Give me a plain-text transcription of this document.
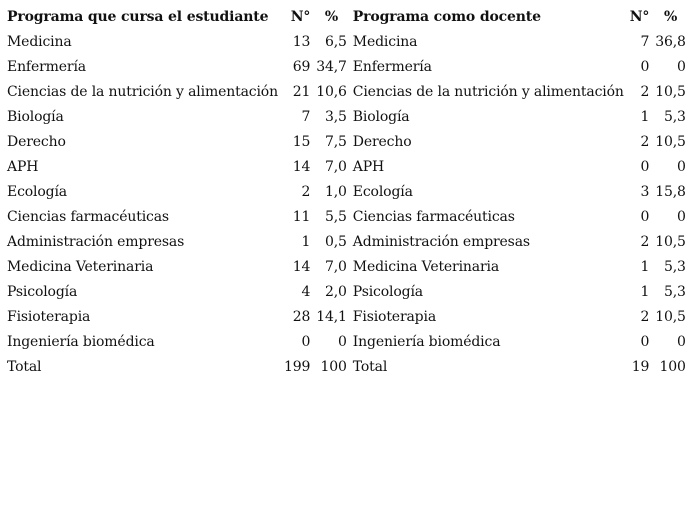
Programa que cursa el estudiante	N°	%	Programa como docente	N°	%
Medicina	13	6,5	Medicina	7	36,8
Enfermería	69	34,7	Enfermería	0	0
Ciencias de la nutrición y alimentación	21	10,6	Ciencias de la nutrición y alimentación	2	10,5
Biología	7	3,5	Biología	1	5,3
Derecho	15	7,5	Derecho	2	10,5
APH	14	7,0	APH	0	0
Ecología	2	1,0	Ecología	3	15,8
Ciencias farmacéuticas	11	5,5	Ciencias farmacéuticas	0	0
Administración empresas	1	0,5	Administración empresas	2	10,5
Medicina Veterinaria	14	7,0	Medicina Veterinaria	1	5,3
Psicología	4	2,0	Psicología	1	5,3
Fisioterapia	28	14,1	Fisioterapia	2	10,5
Ingeniería biomédica	0	0	Ingeniería biomédica	0	0
Total	199	100	Total	19	100
